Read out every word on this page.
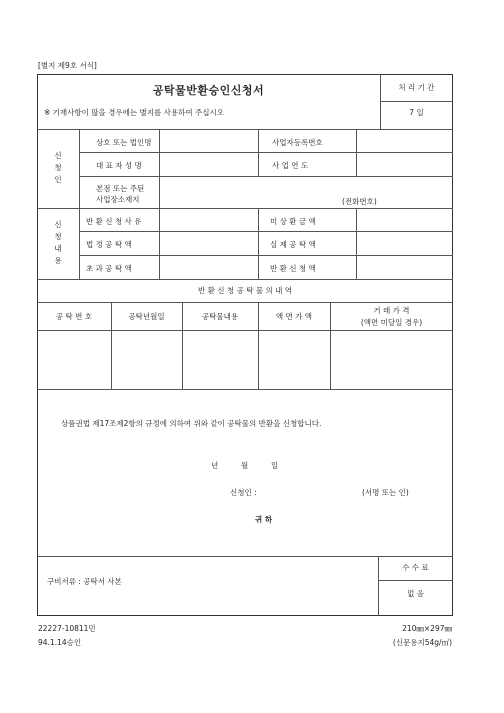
[별지 제9호 서식]
공탁물반환승인신청서
※ 기재사항이 많을 경우에는 별지를 사용하여 주십시오
처 리 기 간
7 일
신
청
인
상호 또는 법인명	사업자등록번호
대 표 자 성 명	사 업 연 도
본점 또는 주된
사업장소재지	(전화번호)
신
청
내
용
반 환 신 청 사 유	미 상 환 금 액
법 정 공 탁 액	실 제 공 탁 액
초 과 공 탁 액	반 환 신 청 액
반 환 신 청 공 탁 물 의 내 역
공 탁 번 호	공탁년월일	공탁물내용	액 면 가 액
거 래 가 격
(액면 미달일 경우)
상품권법 제17조제2항의 규정에 의하여 위와 같이 공탁물의 반환을 신청합니다.
년	월	일
신청인 :	(서명 또는 인)
귀 하
구비서류 : 공탁서 사본
수 수 료
없 음
22227-10811민
94.1.14승인
210㎜×297㎜
(신문용지54g/㎡)
